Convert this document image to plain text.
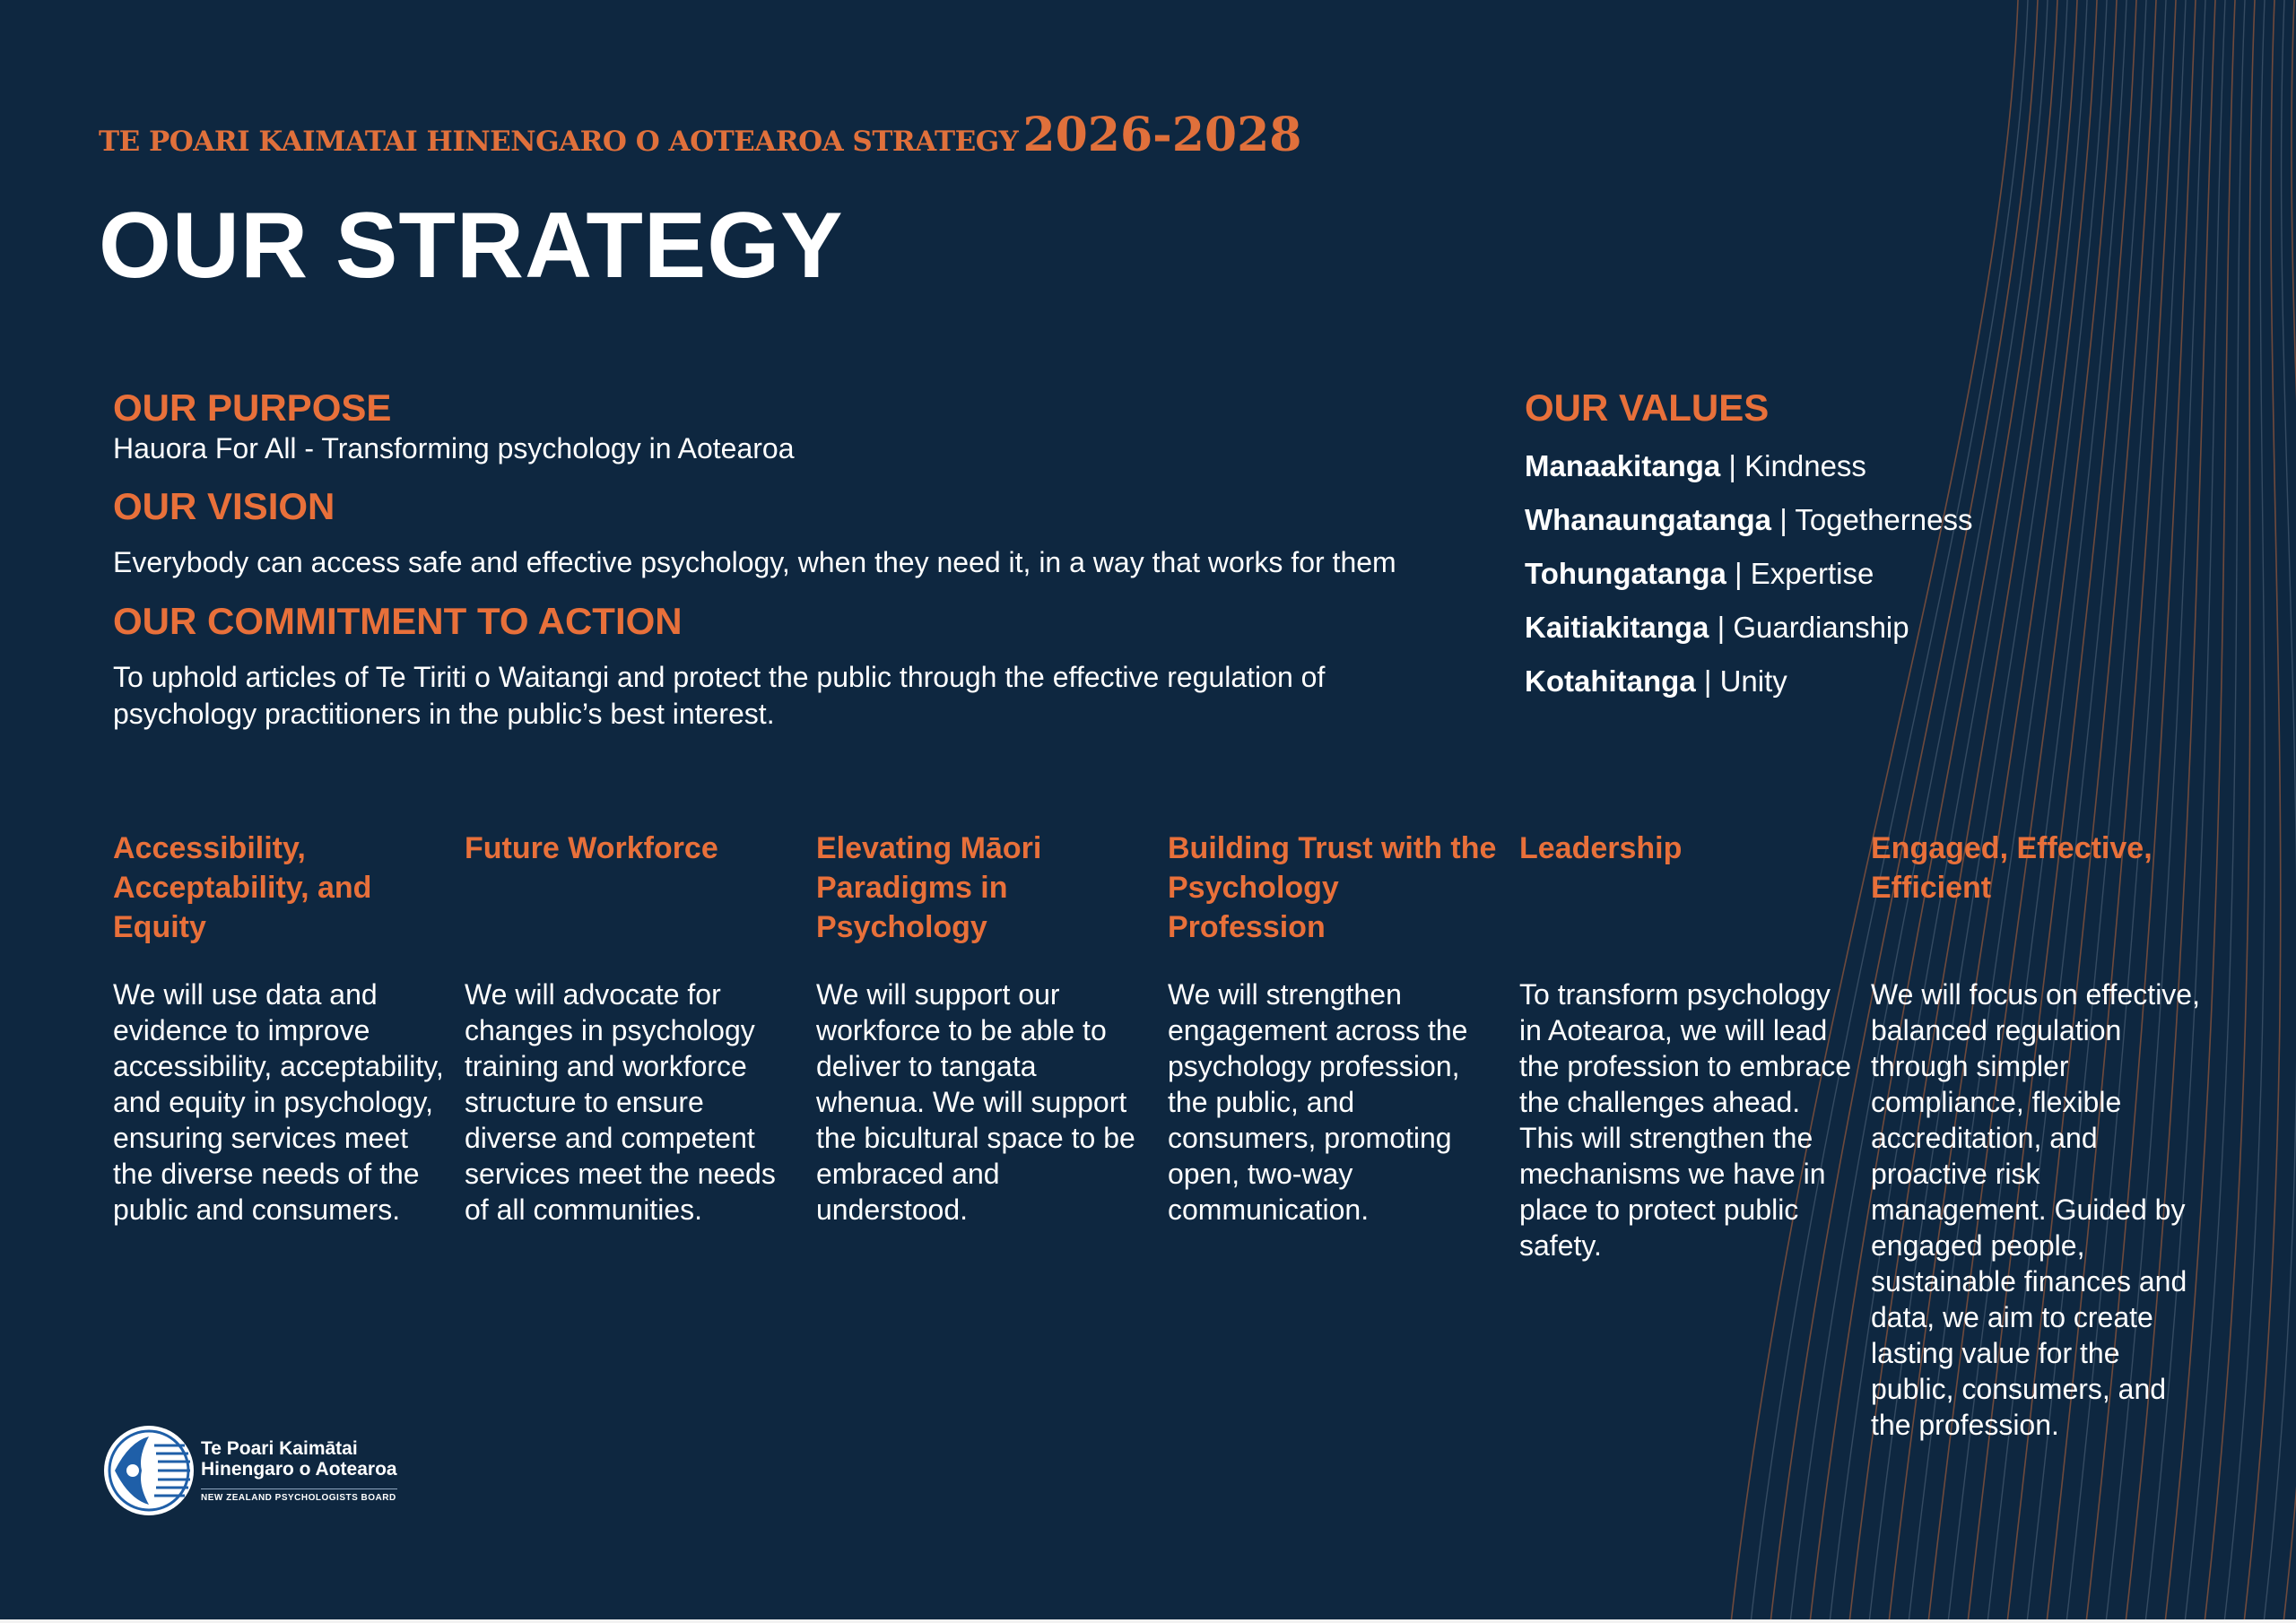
TE POARI KAIMATAI HINENGARO O AOTEAROA STRATEGY 2026-2028
OUR STRATEGY
OUR PURPOSE
Hauora For All - Transforming psychology in Aotearoa
OUR VISION
Everybody can access safe and effective psychology, when they need it, in a way that works for them
OUR COMMITMENT TO ACTION
To uphold articles of Te Tiriti o Waitangi and protect the public through the effective regulation of psychology practitioners in the public’s best interest.
OUR VALUES
Manaakitanga | Kindness
Whanaungatanga | Togetherness
Tohungatanga | Expertise
Kaitiakitanga | Guardianship
Kotahitanga | Unity
Accessibility, Acceptability, and Equity
We will use data and evidence to improve accessibility, acceptability, and equity in psychology, ensuring services meet the diverse needs of the public and consumers.
Future Workforce
We will advocate for changes in psychology training and workforce structure to ensure diverse and competent services meet the needs of all communities.
Elevating Māori Paradigms in Psychology
We will support our workforce to be able to deliver to tangata whenua. We will support the bicultural space to be embraced and understood.
Building Trust with the Psychology Profession
We will strengthen engagement across the psychology profession, the public, and consumers, promoting open, two-way communication.
Leadership
To transform psychology in Aotearoa, we will lead the profession to embrace the challenges ahead. This will strengthen the mechanisms we have in place to protect public safety.
Engaged, Effective, Efficient
We will focus on effective, balanced regulation through simpler compliance, flexible accreditation, and proactive risk management. Guided by engaged people, sustainable finances and data, we aim to create lasting value for the public, consumers, and the profession.
Te Poari Kaimātai
Hinengaro o Aotearoa
NEW ZEALAND PSYCHOLOGISTS BOARD
